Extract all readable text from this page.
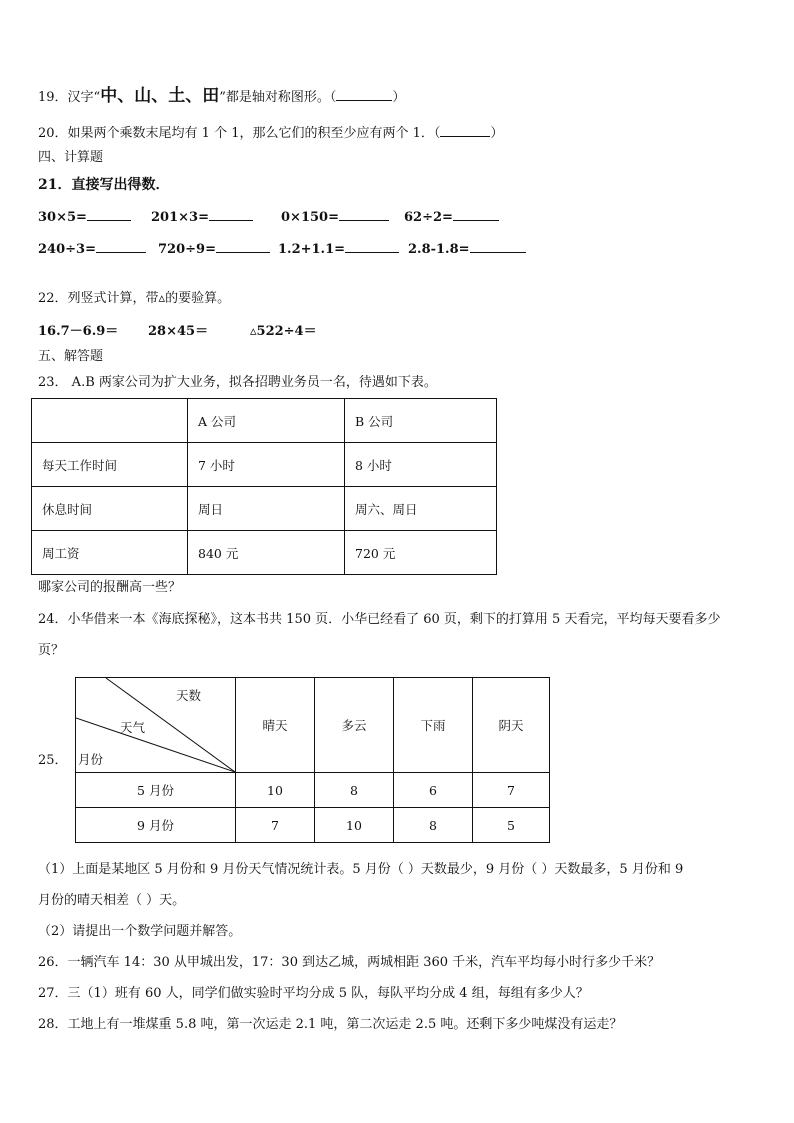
19．汉字“中、山、土、田”都是轴对称图形。（	）
20．如果两个乘数末尾均有 1 个 1，那么它们的积至少应有两个 1．（	）
四、计算题
21．直接写出得数．
30×5=	201×3=	0×150=	62÷2=
240÷3=	720÷9=	1.2+1.1=	2.8-1.8=
22．列竖式计算，带▵的要验算。
16.7－6.9＝ 28×45＝	▵522÷4＝
五、解答题
23． A.B 两家公司为扩大业务，拟各招聘业务员一名，待遇如下表。
	A 公司	B 公司
每天工作时间	7 小时	8 小时
休息时间	周日	周六、周日
周工资	840 元	720 元
哪家公司的报酬高一些？
24．小华借来一本《海底探秘》，这本书共 150 页．小华已经看了 60 页，剩下的打算用 5 天看完，平均每天要看多少
页？
25．
天数
天气
月份	晴天	多云	下雨	阴天
5 月份	10	8	6	7
9 月份	7	10	8	5
（1）上面是某地区 5 月份和 9 月份天气情况统计表。5 月份（ ）天数最少，9 月份（ ）天数最多，5 月份和 9
月份的晴天相差（ ）天。
（2）请提出一个数学问题并解答。
26．一辆汽车 14：30 从甲城出发，17：30 到达乙城，两城相距 360 千米，汽车平均每小时行多少千米？
27．三（1）班有 60 人，同学们做实验时平均分成 5 队，每队平均分成 4 组，每组有多少人？
28．工地上有一堆煤重 5.8 吨，第一次运走 2.1 吨，第二次运走 2.5 吨。还剩下多少吨煤没有运走？
